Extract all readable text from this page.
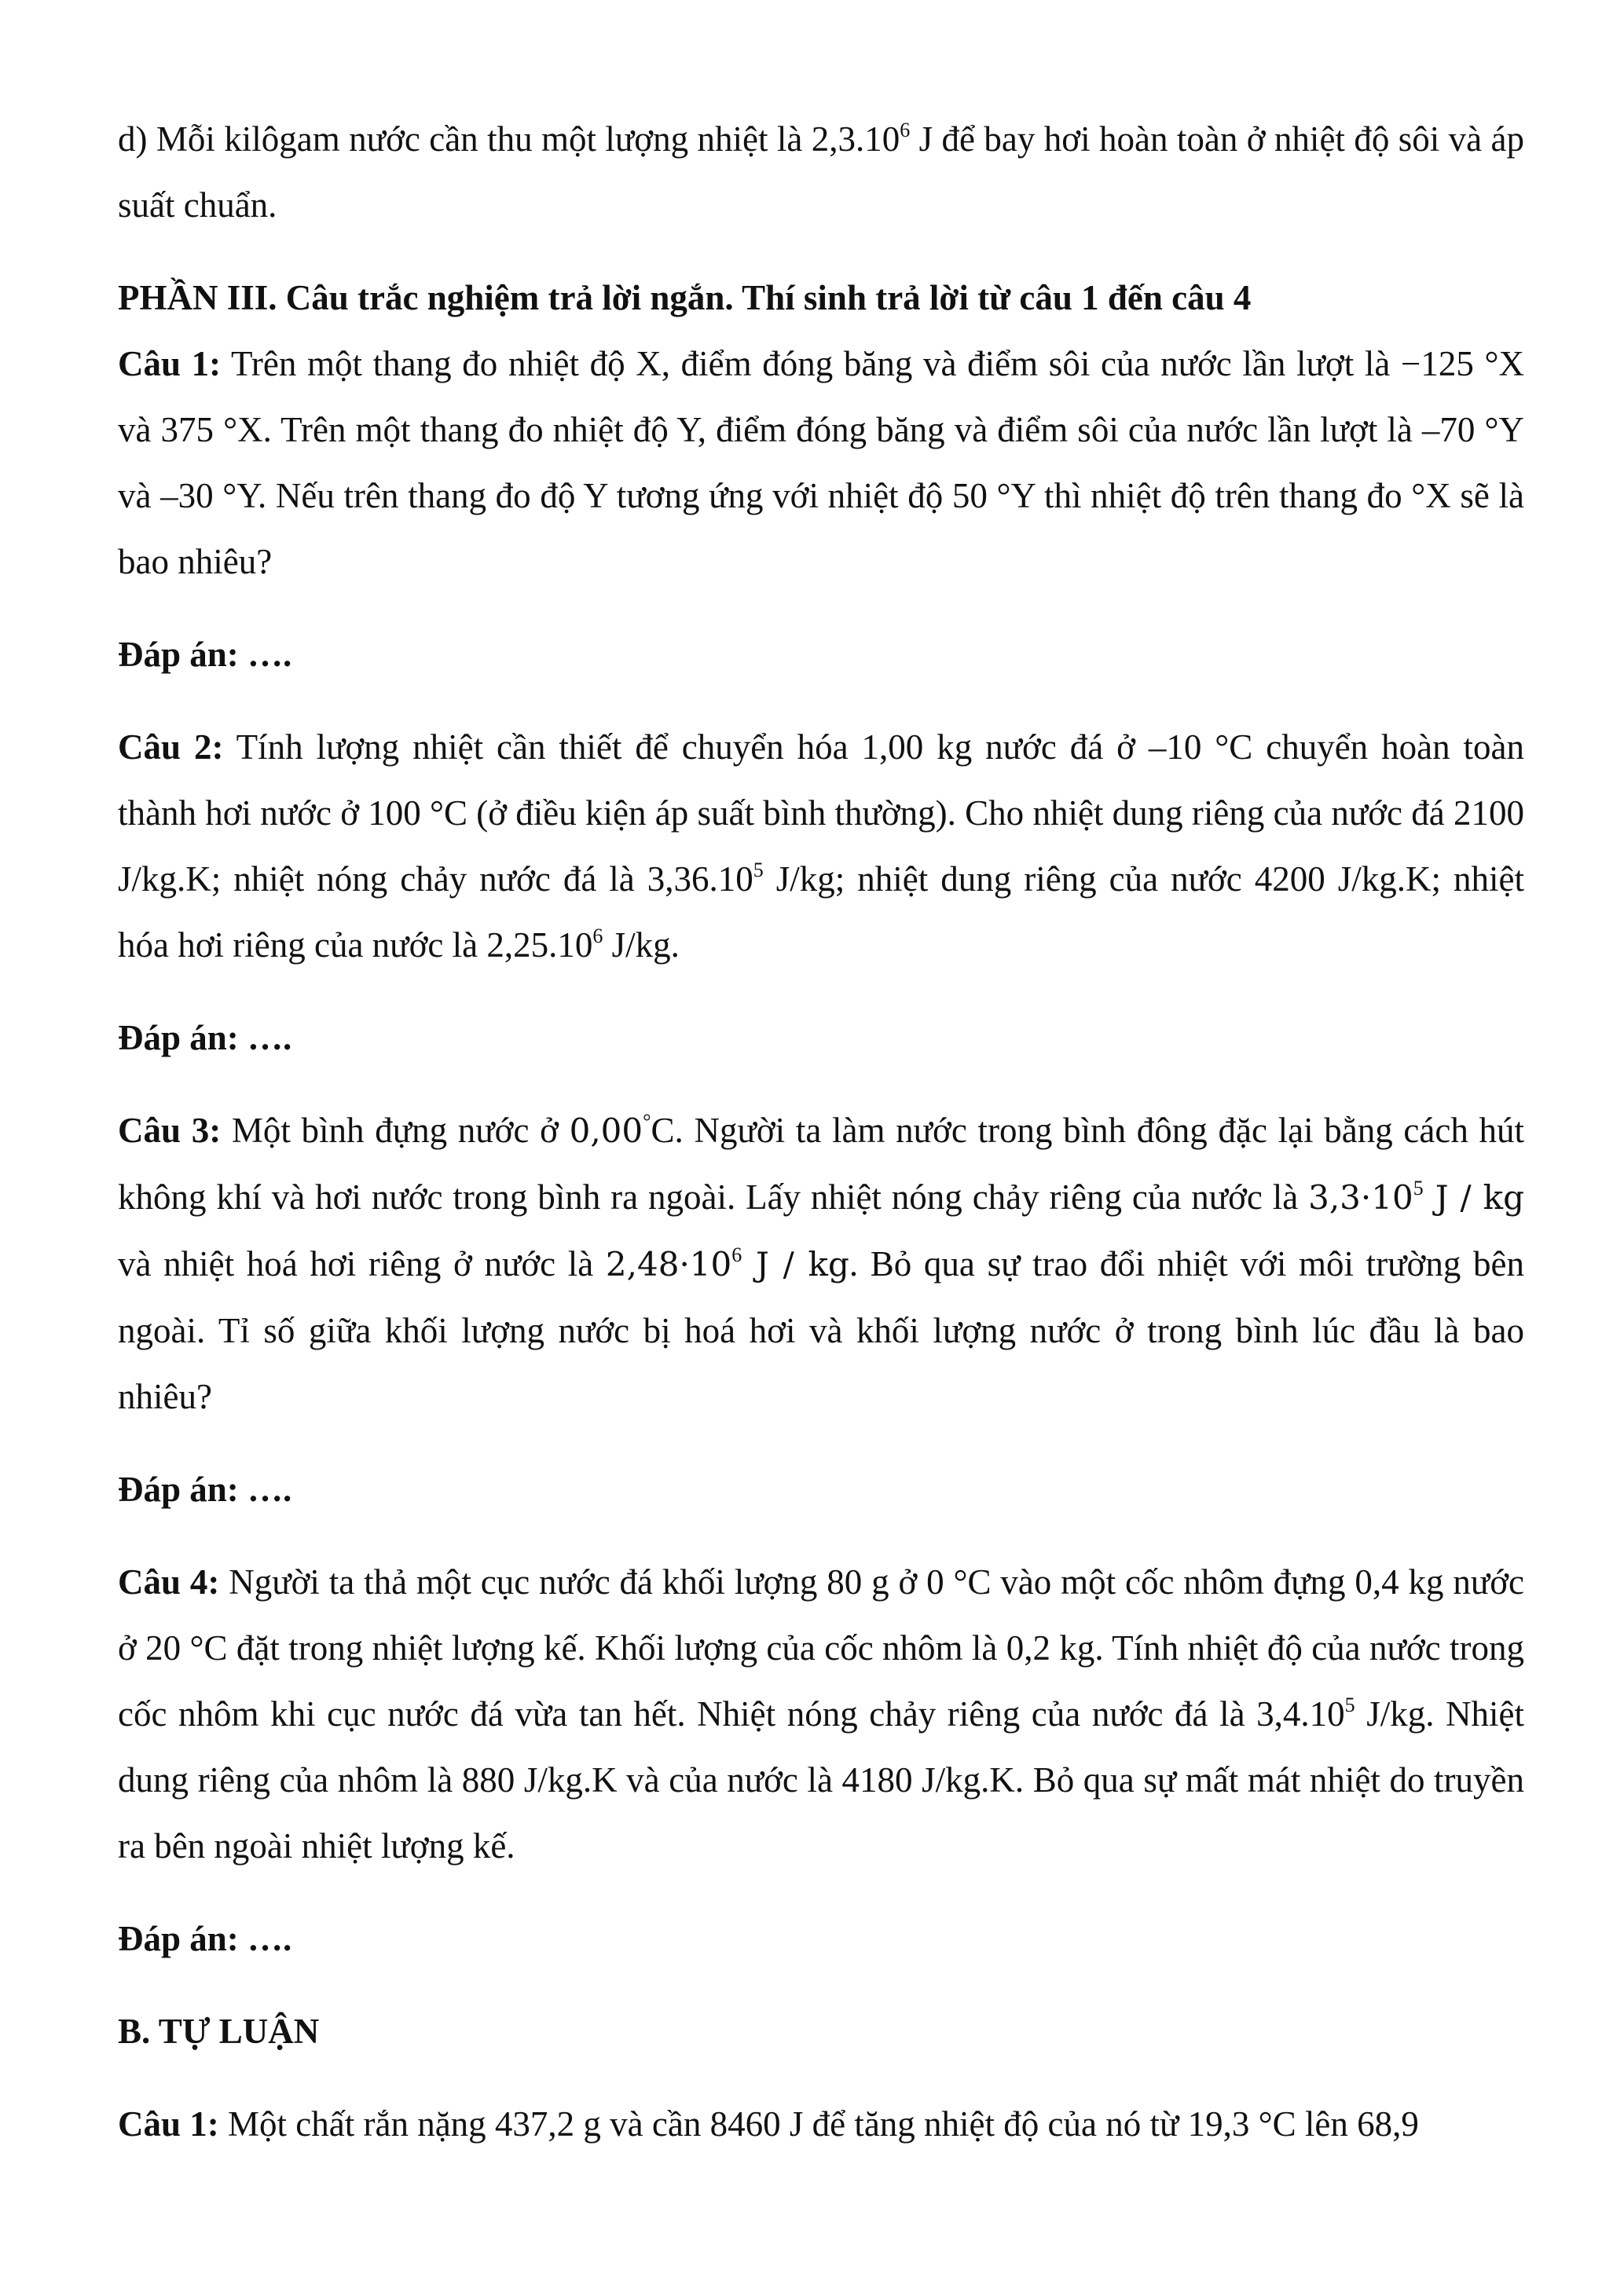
d) Mỗi kilôgam nước cần thu một lượng nhiệt là 2,3.10$^6$ J để bay hơi hoàn toàn ở nhiệt độ sôi và áp suất chuẩn.

PHẦN III. Câu trắc nghiệm trả lời ngắn. Thí sinh trả lời từ câu 1 đến câu 4

Câu 1: Trên một thang đo nhiệt độ X, điểm đóng băng và điểm sôi của nước lần lượt là −125 °X và 375 °X. Trên một thang đo nhiệt độ Y, điểm đóng băng và điểm sôi của nước lần lượt là –70 °Y và –30 °Y. Nếu trên thang đo độ Y tương ứng với nhiệt độ 50 °Y thì nhiệt độ trên thang đo °X sẽ là bao nhiêu?

Đáp án: ….

Câu 2: Tính lượng nhiệt cần thiết để chuyển hóa 1,00 kg nước đá ở –10 °C chuyển hoàn toàn thành hơi nước ở 100 °C (ở điều kiện áp suất bình thường). Cho nhiệt dung riêng của nước đá 2100 J/kg.K; nhiệt nóng chảy nước đá là 3,36.10$^5$ J/kg; nhiệt dung riêng của nước 4200 J/kg.K; nhiệt hóa hơi riêng của nước là 2,25.10$^6$ J/kg.

Đáp án: ….

Câu 3: Một bình đựng nước ở 0,00°C. Người ta làm nước trong bình đông đặc lại bằng cách hút không khí và hơi nước trong bình ra ngoài. Lấy nhiệt nóng chảy riêng của nước là $3,3\cdot 10^5$ J / kg và nhiệt hoá hơi riêng ở nước là $2,48\cdot 10^6$ J / kg. Bỏ qua sự trao đổi nhiệt với môi trường bên ngoài. Tỉ số giữa khối lượng nước bị hoá hơi và khối lượng nước ở trong bình lúc đầu là bao nhiêu?

Đáp án: ….

Câu 4: Người ta thả một cục nước đá khối lượng 80 g ở 0 °C vào một cốc nhôm đựng 0,4 kg nước ở 20 °C đặt trong nhiệt lượng kế. Khối lượng của cốc nhôm là 0,2 kg. Tính nhiệt độ của nước trong cốc nhôm khi cục nước đá vừa tan hết. Nhiệt nóng chảy riêng của nước đá là 3,4.10$^5$ J/kg. Nhiệt dung riêng của nhôm là 880 J/kg.K và của nước là 4180 J/kg.K. Bỏ qua sự mất mát nhiệt do truyền ra bên ngoài nhiệt lượng kế.

Đáp án: ….

B. TỰ LUẬN

Câu 1: Một chất rắn nặng 437,2 g và cần 8460 J để tăng nhiệt độ của nó từ 19,3 °C lên 68,9
